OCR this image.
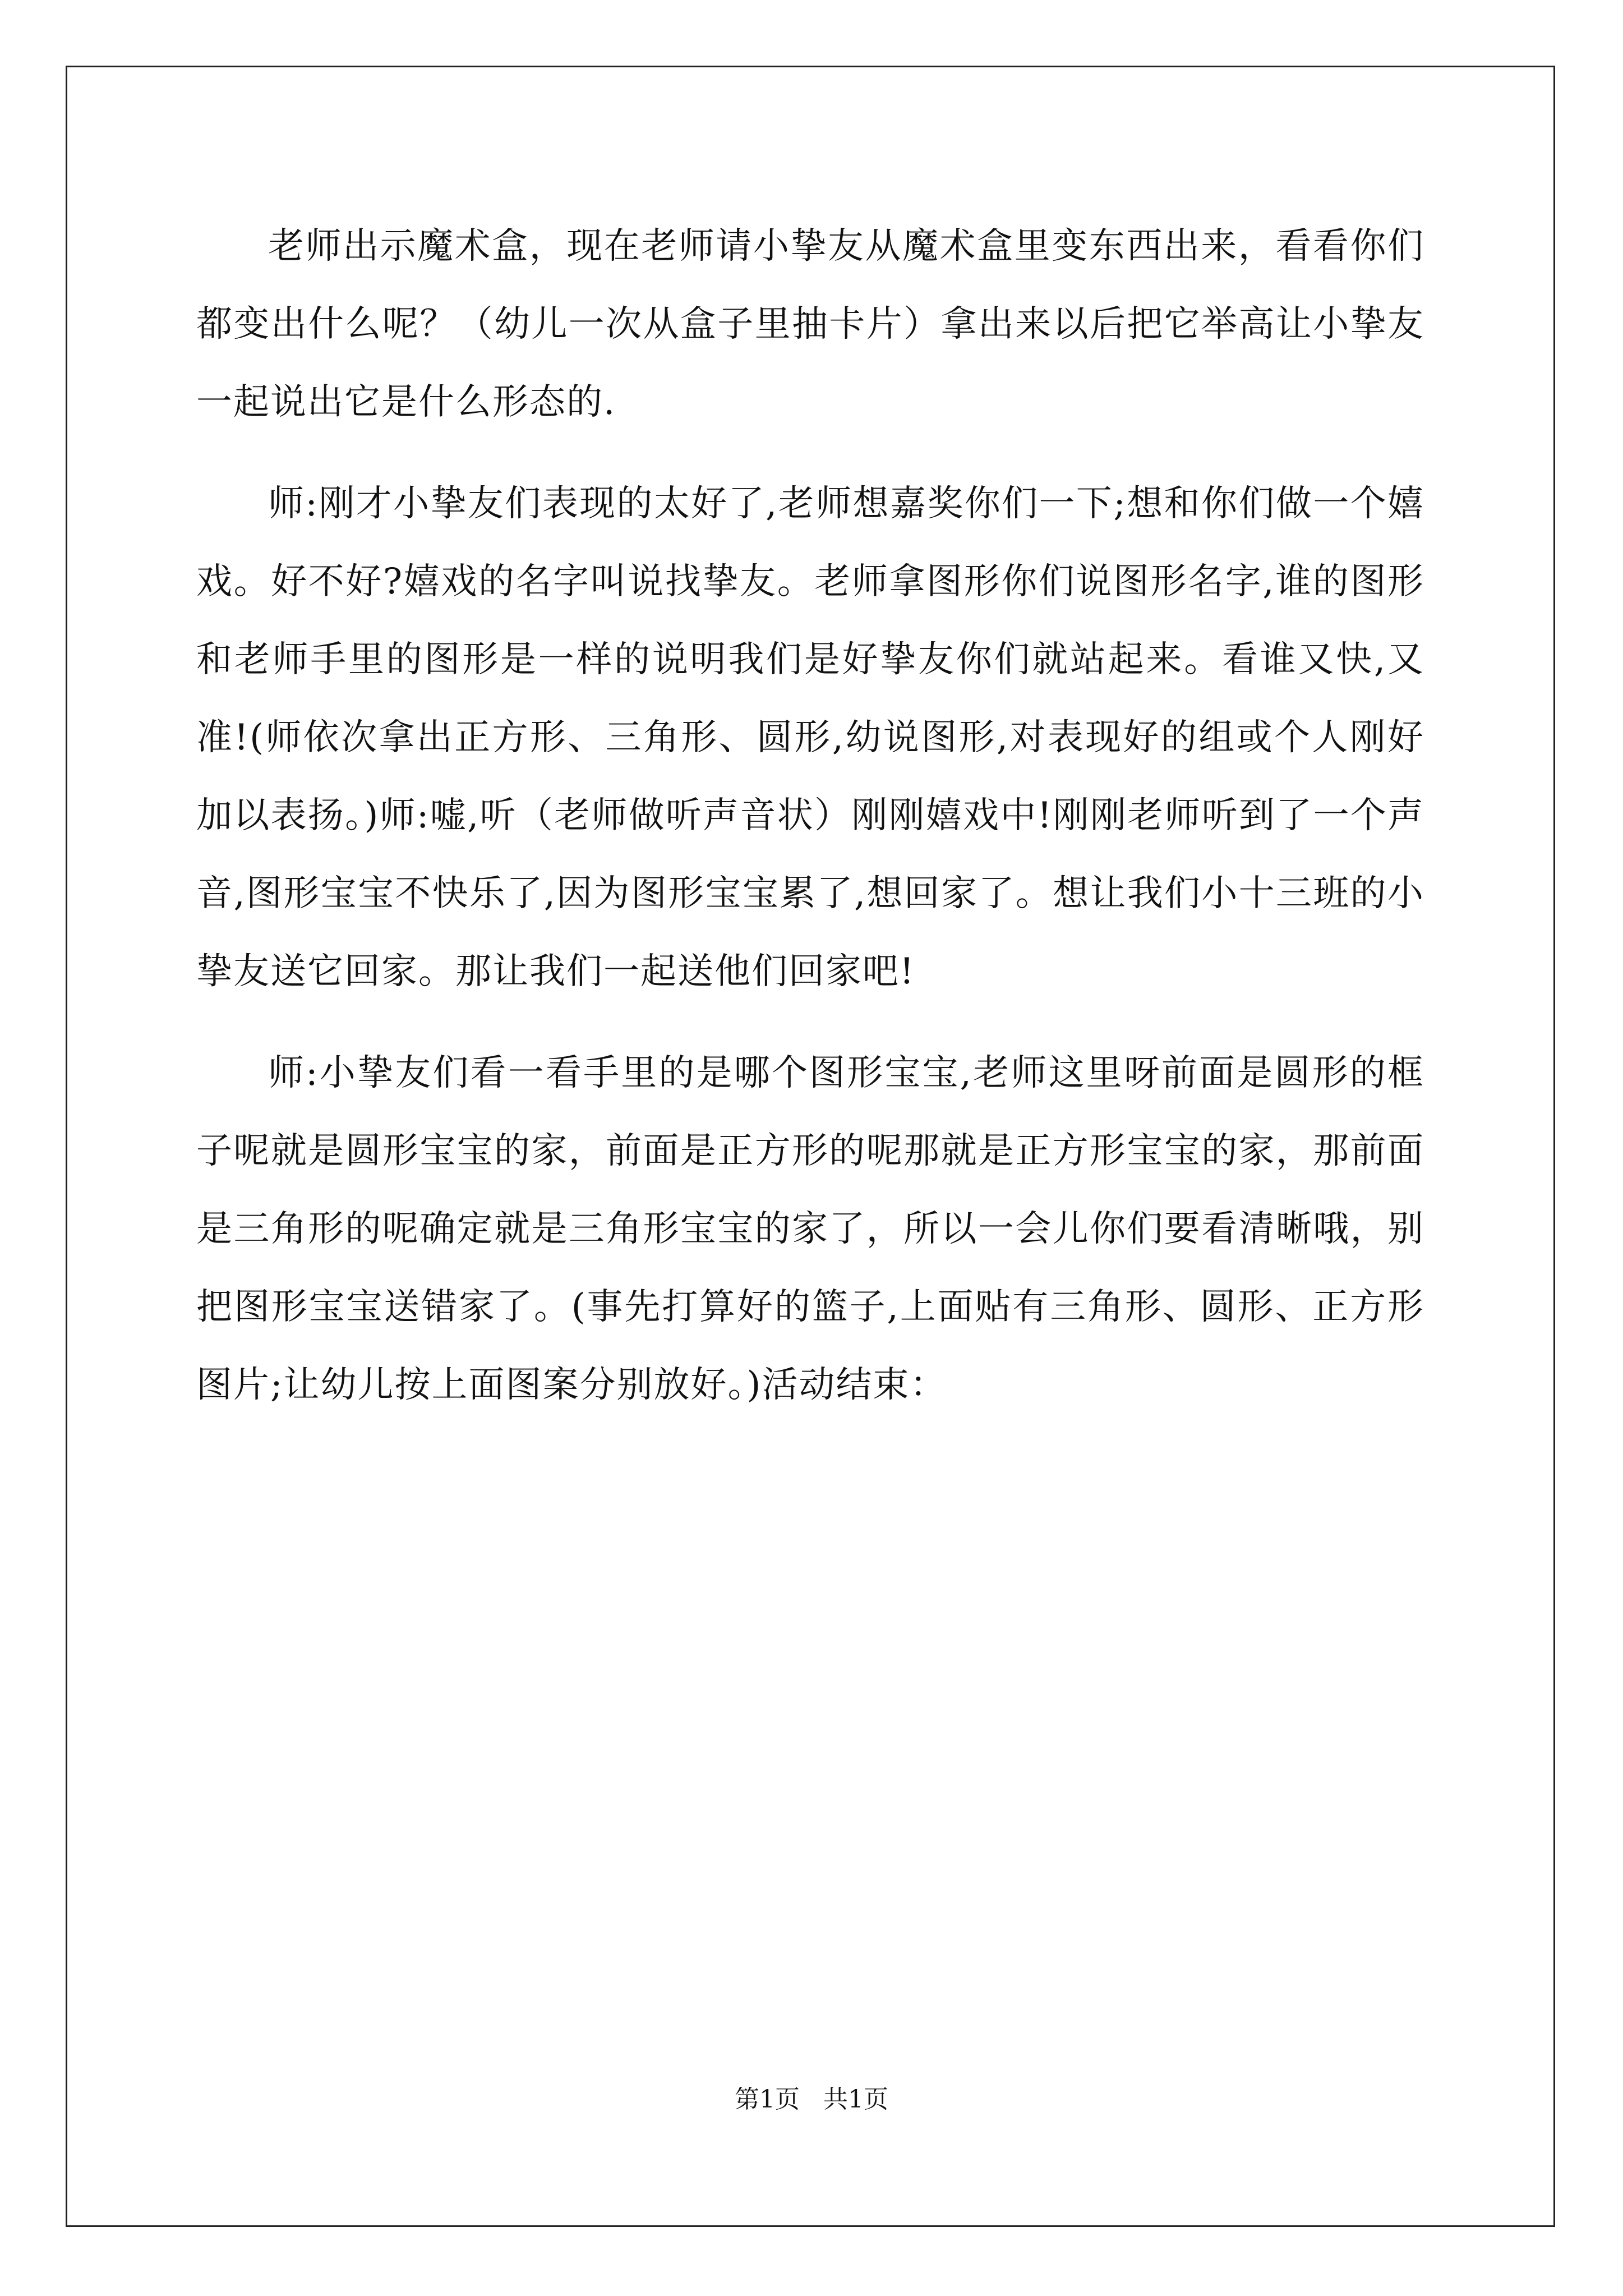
老师出示魔术盒，现在老师请小挚友从魔术盒里变东西出来，看看你们都变出什么呢？（幼儿一次从盒子里抽卡片）拿出来以后把它举高让小挚友一起说出它是什么形态的.

师:刚才小挚友们表现的太好了,老师想嘉奖你们一下;想和你们做一个嬉戏。好不好?嬉戏的名字叫说找挚友。老师拿图形你们说图形名字,谁的图形和老师手里的图形是一样的说明我们是好挚友你们就站起来。看谁又快,又准!(师依次拿出正方形、三角形、圆形,幼说图形,对表现好的组或个人刚好加以表扬。)师:嘘,听（老师做听声音状）刚刚嬉戏中!刚刚老师听到了一个声音,图形宝宝不快乐了,因为图形宝宝累了,想回家了。想让我们小十三班的小挚友送它回家。那让我们一起送他们回家吧!

师:小挚友们看一看手里的是哪个图形宝宝,老师这里呀前面是圆形的框子呢就是圆形宝宝的家，前面是正方形的呢那就是正方形宝宝的家，那前面是三角形的呢确定就是三角形宝宝的家了，所以一会儿你们要看清晰哦，别把图形宝宝送错家了。(事先打算好的篮子,上面贴有三角形、圆形、正方形图片;让幼儿按上面图案分别放好。)活动结束：

第1页 共1页
